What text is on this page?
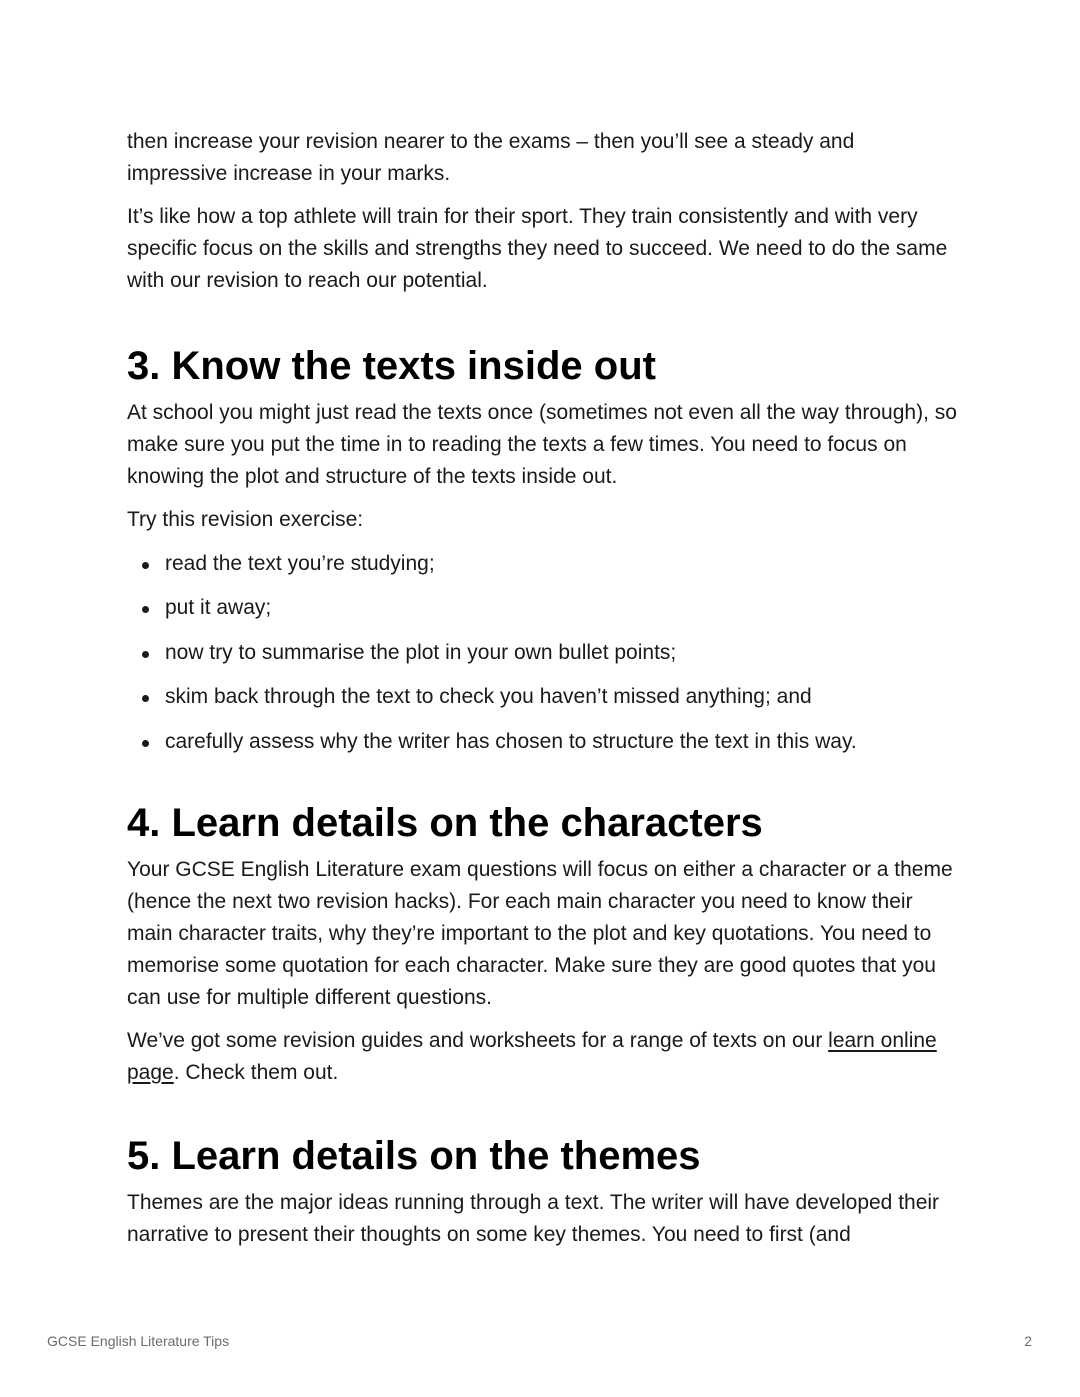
then increase your revision nearer to the exams – then you’ll see a steady and impressive increase in your marks.

It’s like how a top athlete will train for their sport. They train consistently and with very specific focus on the skills and strengths they need to succeed. We need to do the same with our revision to reach our potential.

3. Know the texts inside out

At school you might just read the texts once (sometimes not even all the way through), so make sure you put the time in to reading the texts a few times. You need to focus on knowing the plot and structure of the texts inside out.

Try this revision exercise:

read the text you’re studying;
put it away;
now try to summarise the plot in your own bullet points;
skim back through the text to check you haven’t missed anything; and
carefully assess why the writer has chosen to structure the text in this way.
4. Learn details on the characters

Your GCSE English Literature exam questions will focus on either a character or a theme (hence the next two revision hacks). For each main character you need to know their main character traits, why they’re important to the plot and key quotations. You need to memorise some quotation for each character. Make sure they are good quotes that you can use for multiple different questions.

We’ve got some revision guides and worksheets for a range of texts on our learn online page. Check them out.

5. Learn details on the themes

Themes are the major ideas running through a text. The writer will have developed their narrative to present their thoughts on some key themes. You need to first (and

GCSE English Literature Tips	2
